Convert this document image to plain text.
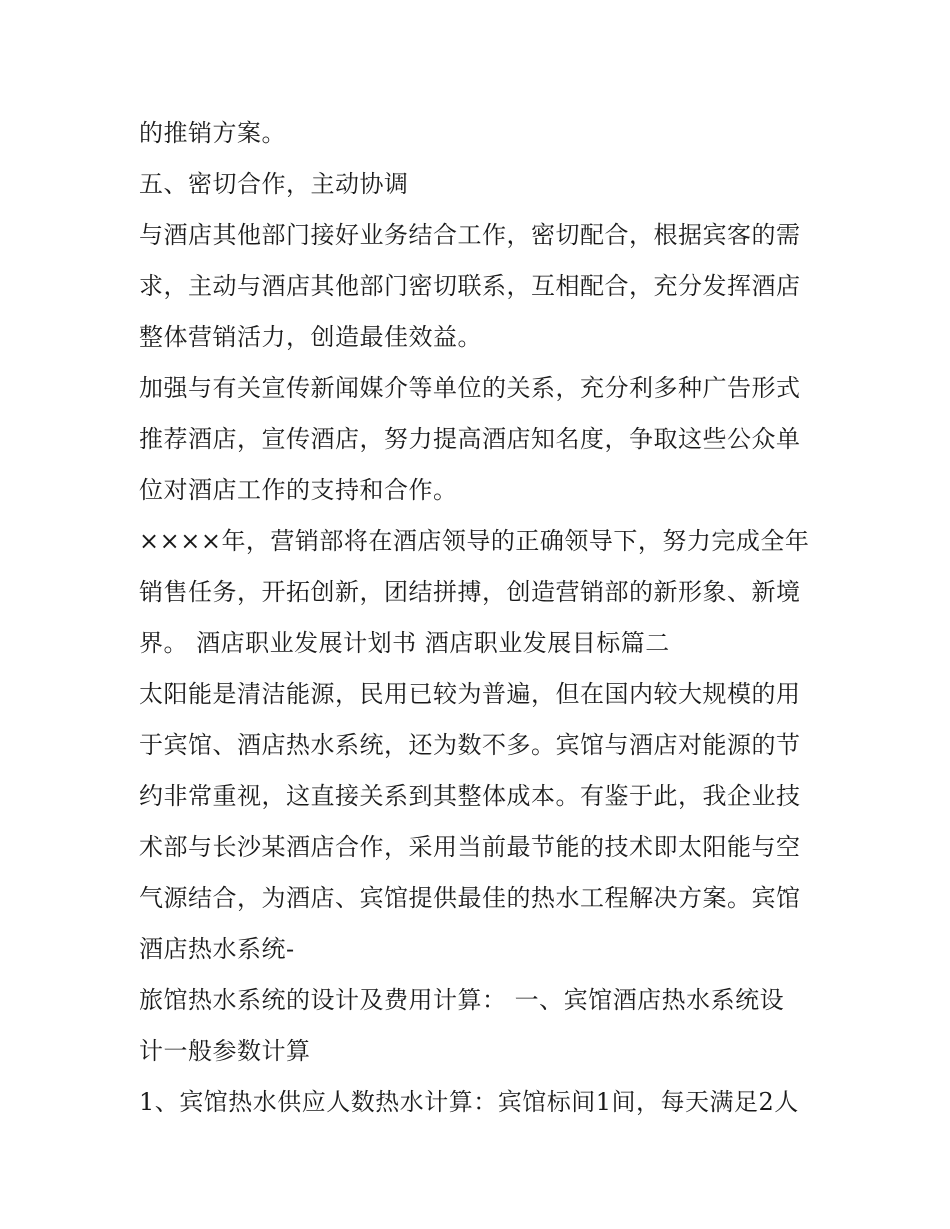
的推销方案。
五、密切合作，主动协调
与酒店其他部门接好业务结合工作，密切配合，根据宾客的需
求，主动与酒店其他部门密切联系，互相配合，充分发挥酒店
整体营销活力，创造最佳效益。
加强与有关宣传新闻媒介等单位的关系，充分利多种广告形式
推荐酒店，宣传酒店，努力提高酒店知名度，争取这些公众单
位对酒店工作的支持和合作。
××××年，营销部将在酒店领导的正确领导下，努力完成全年
销售任务，开拓创新，团结拼搏，创造营销部的新形象、新境
界。 酒店职业发展计划书 酒店职业发展目标篇二
太阳能是清洁能源，民用已较为普遍，但在国内较大规模的用
于宾馆、酒店热水系统，还为数不多。宾馆与酒店对能源的节
约非常重视，这直接关系到其整体成本。有鉴于此，我企业技
术部与长沙某酒店合作，采用当前最节能的技术即太阳能与空
气源结合，为酒店、宾馆提供最佳的热水工程解决方案。宾馆
酒店热水系统-
旅馆热水系统的设计及费用计算： 一、宾馆酒店热水系统设
计一般参数计算
1、宾馆热水供应人数热水计算：宾馆标间1间，每天满足2人
